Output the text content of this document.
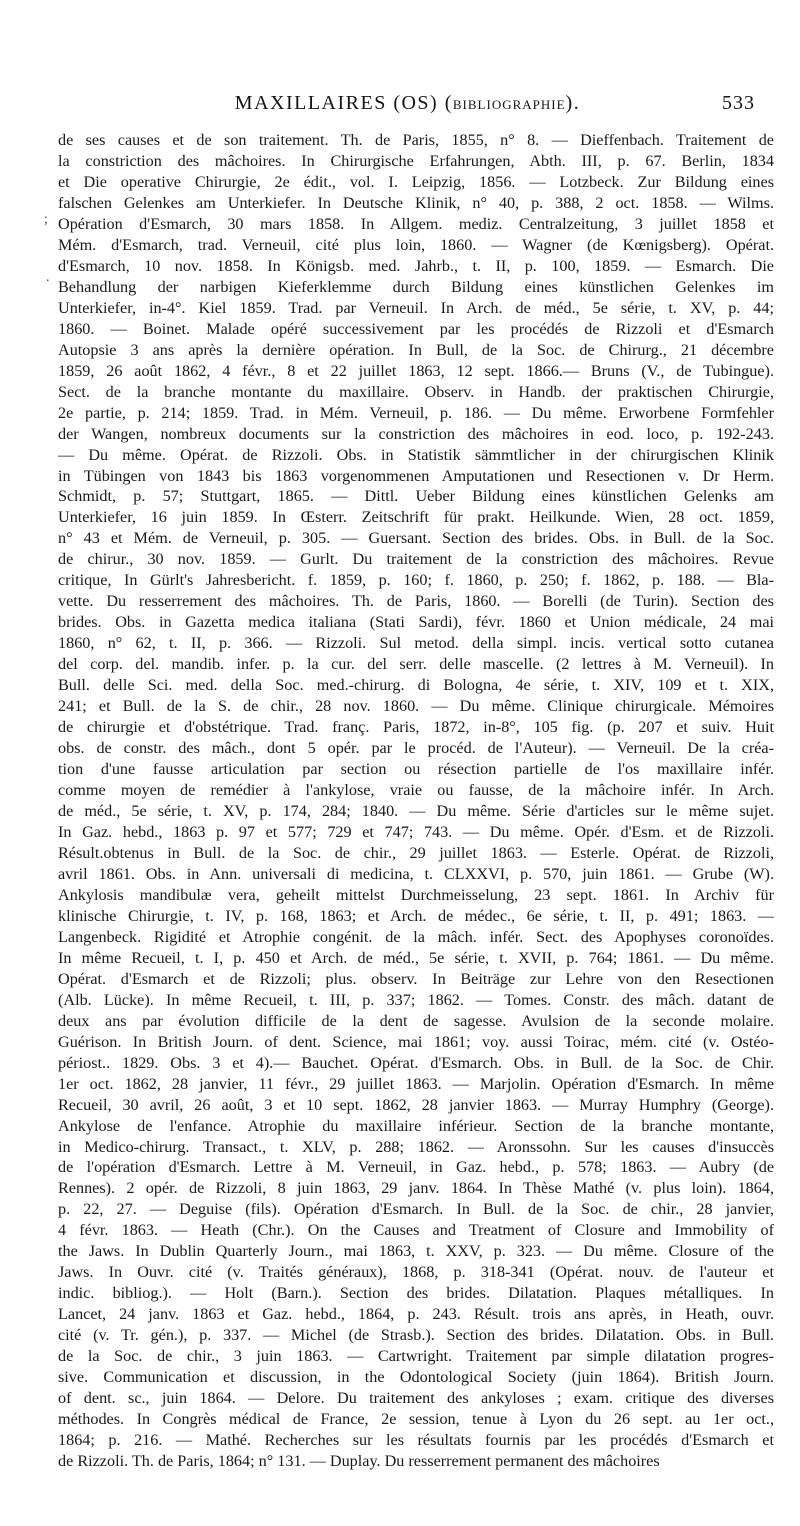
MAXILLAIRES (OS) (BIBLIOGRAPHIE).	533
;
.
de ses causes et de son traitement. Th. de Paris, 1855, n° 8. — Dieffenbach. Traitement de
la constriction des mâchoires. In Chirurgische Erfahrungen, Abth. III, p. 67. Berlin, 1834
et Die operative Chirurgie, 2e édit., vol. I. Leipzig, 1856. — Lotzbeck. Zur Bildung eines
falschen Gelenkes am Unterkiefer. In Deutsche Klinik, n° 40, p. 388, 2 oct. 1858. — Wilms.
Opération d'Esmarch, 30 mars 1858. In Allgem. mediz. Centralzeitung, 3 juillet 1858 et
Mém. d'Esmarch, trad. Verneuil, cité plus loin, 1860. — Wagner (de Kœnigsberg). Opérat.
d'Esmarch, 10 nov. 1858. In Königsb. med. Jahrb., t. II, p. 100, 1859. — Esmarch. Die
Behandlung der narbigen Kieferklemme durch Bildung eines künstlichen Gelenkes im
Unterkiefer, in-4°. Kiel 1859. Trad. par Verneuil. In Arch. de méd., 5e série, t. XV, p. 44;
1860. — Boinet. Malade opéré successivement par les procédés de Rizzoli et d'Esmarch
Autopsie 3 ans après la dernière opération. In Bull, de la Soc. de Chirurg., 21 décembre
1859, 26 août 1862, 4 févr., 8 et 22 juillet 1863, 12 sept. 1866.— Bruns (V., de Tubingue).
Sect. de la branche montante du maxillaire. Observ. in Handb. der praktischen Chirurgie,
2e partie, p. 214; 1859. Trad. in Mém. Verneuil, p. 186. — Du même. Erworbene Formfehler
der Wangen, nombreux documents sur la constriction des mâchoires in eod. loco, p. 192-243.
— Du même. Opérat. de Rizzoli. Obs. in Statistik sämmtlicher in der chirurgischen Klinik
in Tübingen von 1843 bis 1863 vorgenommenen Amputationen und Resectionen v. Dr Herm.
Schmidt, p. 57; Stuttgart, 1865. — Dittl. Ueber Bildung eines künstlichen Gelenks am
Unterkiefer, 16 juin 1859. In Œsterr. Zeitschrift für prakt. Heilkunde. Wien, 28 oct. 1859,
n° 43 et Mém. de Verneuil, p. 305. — Guersant. Section des brides. Obs. in Bull. de la Soc.
de chirur., 30 nov. 1859. — Gurlt. Du traitement de la constriction des mâchoires. Revue
critique, In Gürlt's Jahresbericht. f. 1859, p. 160; f. 1860, p. 250; f. 1862, p. 188. — Bla-
vette. Du resserrement des mâchoires. Th. de Paris, 1860. — Borelli (de Turin). Section des
brides. Obs. in Gazetta medica italiana (Stati Sardi), févr. 1860 et Union médicale, 24 mai
1860, n° 62, t. II, p. 366. — Rizzoli. Sul metod. della simpl. incis. vertical sotto cutanea
del corp. del. mandib. infer. p. la cur. del serr. delle mascelle. (2 lettres à M. Verneuil). In
Bull. delle Sci. med. della Soc. med.-chirurg. di Bologna, 4e série, t. XIV, 109 et t. XIX,
241; et Bull. de la S. de chir., 28 nov. 1860. — Du même. Clinique chirurgicale. Mémoires
de chirurgie et d'obstétrique. Trad. franç. Paris, 1872, in-8°, 105 fig. (p. 207 et suiv. Huit
obs. de constr. des mâch., dont 5 opér. par le procéd. de l'Auteur). — Verneuil. De la créa-
tion d'une fausse articulation par section ou résection partielle de l'os maxillaire infér.
comme moyen de remédier à l'ankylose, vraie ou fausse, de la mâchoire infér. In Arch.
de méd., 5e série, t. XV, p. 174, 284; 1840. — Du même. Série d'articles sur le même sujet.
In Gaz. hebd., 1863 p. 97 et 577; 729 et 747; 743. — Du même. Opér. d'Esm. et de Rizzoli.
Résult.obtenus in Bull. de la Soc. de chir., 29 juillet 1863. — Esterle. Opérat. de Rizzoli,
avril 1861. Obs. in Ann. universali di medicina, t. CLXXVI, p. 570, juin 1861. — Grube (W).
Ankylosis mandibulæ vera, geheilt mittelst Durchmeisselung, 23 sept. 1861. In Archiv für
klinische Chirurgie, t. IV, p. 168, 1863; et Arch. de médec., 6e série, t. II, p. 491; 1863. —
Langenbeck. Rigidité et Atrophie congénit. de la mâch. infér. Sect. des Apophyses coronoïdes.
In même Recueil, t. I, p. 450 et Arch. de méd., 5e série, t. XVII, p. 764; 1861. — Du même.
Opérat. d'Esmarch et de Rizzoli; plus. observ. In Beiträge zur Lehre von den Resectionen
(Alb. Lücke). In même Recueil, t. III, p. 337; 1862. — Tomes. Constr. des mâch. datant de
deux ans par évolution difficile de la dent de sagesse. Avulsion de la seconde molaire.
Guérison. In British Journ. of dent. Science, mai 1861; voy. aussi Toirac, mém. cité (v. Ostéo-
périost.. 1829. Obs. 3 et 4).— Bauchet. Opérat. d'Esmarch. Obs. in Bull. de la Soc. de Chir.
1er oct. 1862, 28 janvier, 11 févr., 29 juillet 1863. — Marjolin. Opération d'Esmarch. In même
Recueil, 30 avril, 26 août, 3 et 10 sept. 1862, 28 janvier 1863. — Murray Humphry (George).
Ankylose de l'enfance. Atrophie du maxillaire inférieur. Section de la branche montante,
in Medico-chirurg. Transact., t. XLV, p. 288; 1862. — Aronssohn. Sur les causes d'insuccès
de l'opération d'Esmarch. Lettre à M. Verneuil, in Gaz. hebd., p. 578; 1863. — Aubry (de
Rennes). 2 opér. de Rizzoli, 8 juin 1863, 29 janv. 1864. In Thèse Mathé (v. plus loin). 1864,
p. 22, 27. — Deguise (fils). Opération d'Esmarch. In Bull. de la Soc. de chir., 28 janvier,
4 févr. 1863. — Heath (Chr.). On the Causes and Treatment of Closure and Immobility of
the Jaws. In Dublin Quarterly Journ., mai 1863, t. XXV, p. 323. — Du même. Closure of the
Jaws. In Ouvr. cité (v. Traités généraux), 1868, p. 318-341 (Opérat. nouv. de l'auteur et
indic. bibliog.). — Holt (Barn.). Section des brides. Dilatation. Plaques métalliques. In
Lancet, 24 janv. 1863 et Gaz. hebd., 1864, p. 243. Résult. trois ans après, in Heath, ouvr.
cité (v. Tr. gén.), p. 337. — Michel (de Strasb.). Section des brides. Dilatation. Obs. in Bull.
de la Soc. de chir., 3 juin 1863. — Cartwright. Traitement par simple dilatation progres-
sive. Communication et discussion, in the Odontological Society (juin 1864). British Journ.
of dent. sc., juin 1864. — Delore. Du traitement des ankyloses ; exam. critique des diverses
méthodes. In Congrès médical de France, 2e session, tenue à Lyon du 26 sept. au 1er oct.,
1864; p. 216. — Mathé. Recherches sur les résultats fournis par les procédés d'Esmarch et
de Rizzoli. Th. de Paris, 1864; n° 131. — Duplay. Du resserrement permanent des mâchoires
